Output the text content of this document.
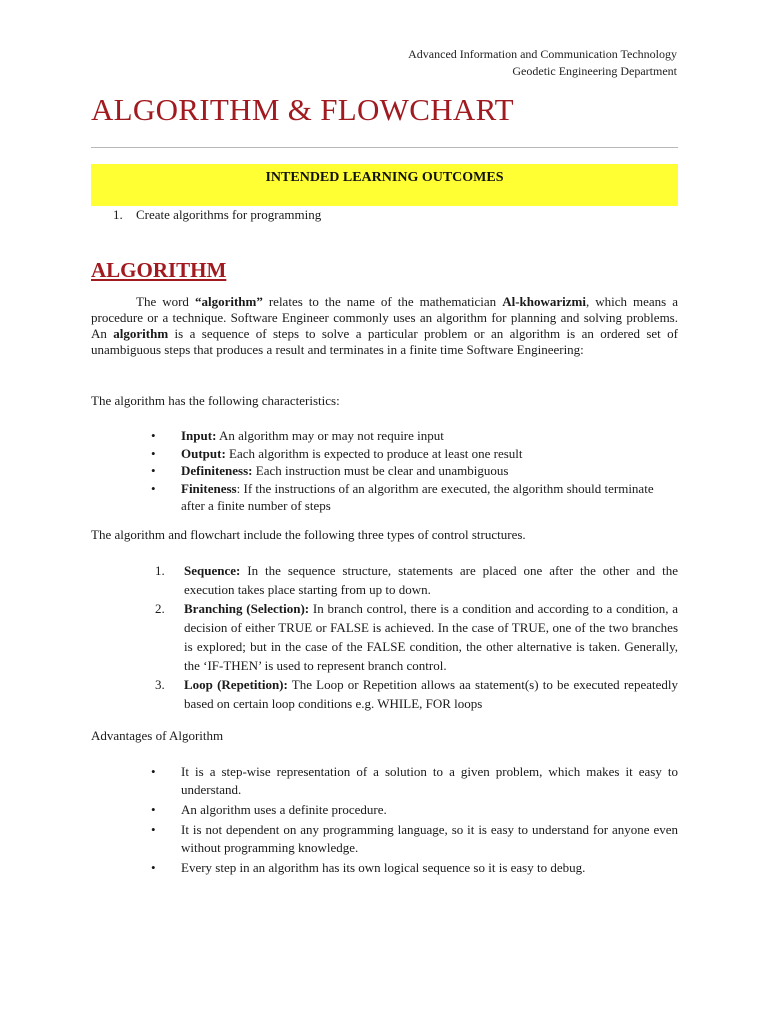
Advanced Information and Communication Technology
Geodetic Engineering Department
ALGORITHM & FLOWCHART
INTENDED LEARNING OUTCOMES
1. Create algorithms for programming
ALGORITHM
The word “algorithm” relates to the name of the mathematician Al-khowarizmi, which means a procedure or a technique. Software Engineer commonly uses an algorithm for planning and solving problems. An algorithm is a sequence of steps to solve a particular problem or an algorithm is an ordered set of unambiguous steps that produces a result and terminates in a finite time Software Engineering:
The algorithm has the following characteristics:
• Input: An algorithm may or may not require input
• Output: Each algorithm is expected to produce at least one result
• Definiteness: Each instruction must be clear and unambiguous
• Finiteness: If the instructions of an algorithm are executed, the algorithm should terminate after a finite number of steps
The algorithm and flowchart include the following three types of control structures.
1. Sequence: In the sequence structure, statements are placed one after the other and the execution takes place starting from up to down.
2. Branching (Selection): In branch control, there is a condition and according to a condition, a decision of either TRUE or FALSE is achieved. In the case of TRUE, one of the two branches is explored; but in the case of the FALSE condition, the other alternative is taken. Generally, the ‘IF-THEN’ is used to represent branch control.
3. Loop (Repetition): The Loop or Repetition allows aa statement(s) to be executed repeatedly based on certain loop conditions e.g. WHILE, FOR loops
Advantages of Algorithm
• It is a step-wise representation of a solution to a given problem, which makes it easy to understand.
• An algorithm uses a definite procedure.
• It is not dependent on any programming language, so it is easy to understand for anyone even without programming knowledge.
• Every step in an algorithm has its own logical sequence so it is easy to debug.
